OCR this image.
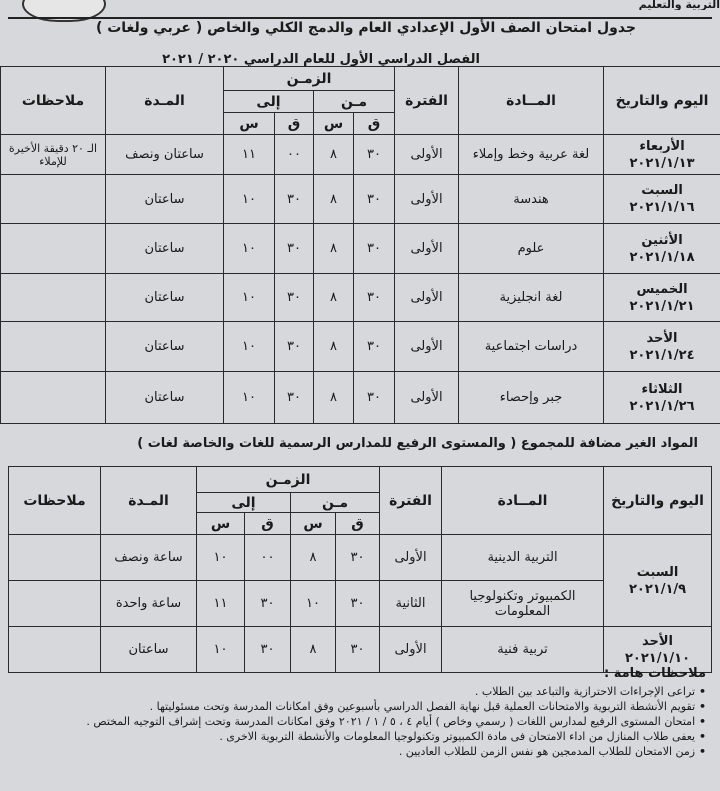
التربية والتعليم
جدول امتحان الصف الأول الإعدادي العام والدمج الكلي والخاص ( عربي ولغات )
الفصل الدراسي الأول للعام الدراسي ٢٠٢٠ / ٢٠٢١
اليوم والتاريخ	المــادة	الفترة	الزمـن				المـدة	ملاحظات
			مـن		إلى			
			ق	س	ق	س		

الأربعاء
٢٠٢١/١/١٣	لغة عربية وخط وإملاء	الأولى	٣٠	٨	٠٠	١١	ساعتان ونصف	الـ ٢٠ دقيقة الأخيرة للإملاء

السبت
٢٠٢١/١/١٦	هندسة	الأولى	٣٠	٨	٣٠	١٠	ساعتان	

الأثنين
٢٠٢١/١/١٨	علوم	الأولى	٣٠	٨	٣٠	١٠	ساعتان	

الخميس
٢٠٢١/١/٢١	لغة انجليزية	الأولى	٣٠	٨	٣٠	١٠	ساعتان	

الأحد
٢٠٢١/١/٢٤	دراسات اجتماعية	الأولى	٣٠	٨	٣٠	١٠	ساعتان	

الثلاثاء
٢٠٢١/١/٢٦	جبر وإحصاء	الأولى	٣٠	٨	٣٠	١٠	ساعتان	
المواد الغير مضافة للمجموع ( والمستوى الرفيع للمدارس الرسمية للغات والخاصة لغات )
اليوم والتاريخ	المــادة	الفترة	الزمـن				المـدة	ملاحظات
			مـن		إلى			
			ق	س	ق	س		

السبت
٢٠٢١/١/٩	التربية الدينية	الأولى	٣٠	٨	٠٠	١٠	ساعة ونصف	
	الكمبيوتر وتكنولوجيا المعلومات	الثانية	٣٠	١٠	٣٠	١١	ساعة واحدة	

الأحد
٢٠٢١/١/١٠	تربية فنية	الأولى	٣٠	٨	٣٠	١٠	ساعتان	
ملاحظات هامة :
• تراعى الإجراءات الاحترازية والتباعد بين الطلاب .
• تقويم الأنشطة التربوية والامتحانات العملية قبل نهاية الفصل الدراسي بأسبوعين وفق امكانات المدرسة وتحت مسئوليتها .
• امتحان المستوى الرفيع لمدارس اللغات ( رسمي وخاص ) أيام ٤ ، ٥ / ١ / ٢٠٢١ وفق امكانات المدرسة وتحت إشراف التوجيه المختص .
• يعفى طلاب المنازل من اداء الامتحان فى مادة الكمبيوتر وتكنولوجيا المعلومات والأنشطة التربوية الاخرى .
• زمن الامتحان للطلاب المدمجين هو نفس الزمن للطلاب العاديين .
